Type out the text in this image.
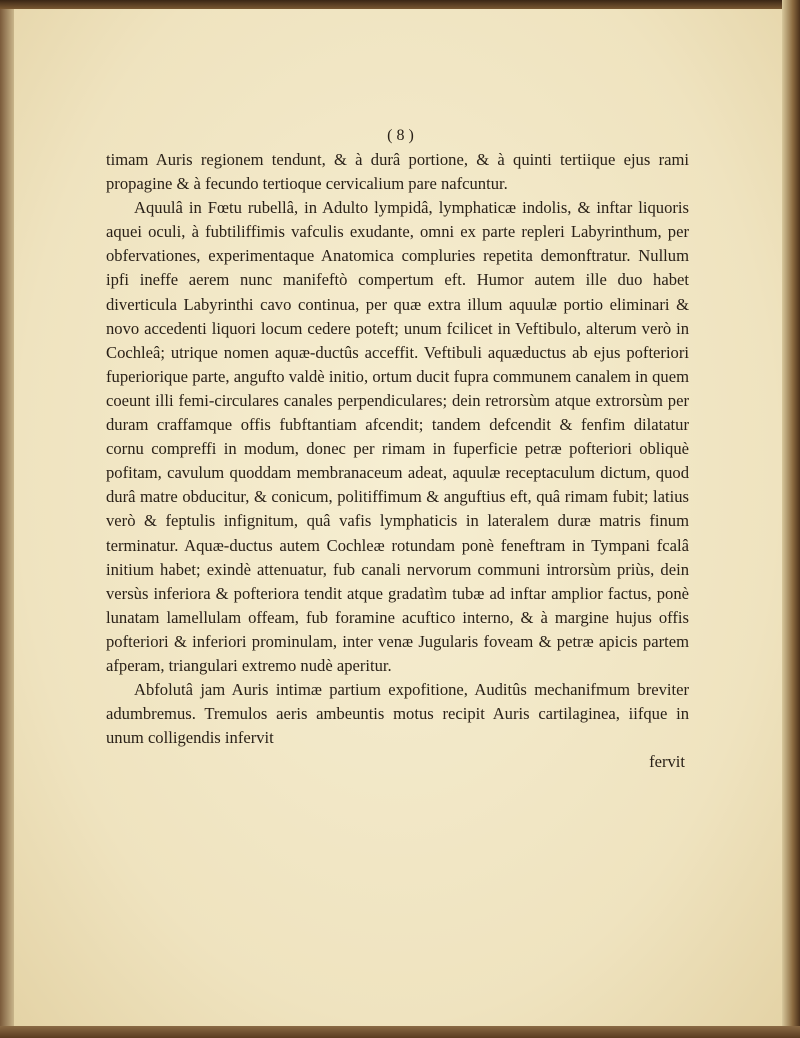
( 8 )

timam Auris regionem tendunt, & à durâ portione, & à quinti tertiique ejus rami propagine & à fecundo tertioque cervicalium pare nafcuntur.

Aquulâ in Fœtu rubellâ, in Adulto lympidâ, lymphaticæ indolis, & inftar liquoris aquei oculi, à fubtiliffimis vafculis exudante, omni ex parte repleri Labyrinthum, per obfervationes, experimentaque Anatomica compluries repetita demonftratur. Nullum ipfi ineffe aerem nunc manifeftò compertum eft. Humor autem ille duo habet diverticula Labyrinthi cavo continua, per quæ extra illum aquulæ portio eliminari & novo accedenti liquori locum cedere poteft; unum fcilicet in Veftibulo, alterum verò in Cochleâ; utrique nomen aquæ-ductûs acceffit. Veftibuli aquæductus ab ejus pofteriori fuperiorique parte, angufto valdè initio, ortum ducit fupra communem canalem in quem coeunt illi femi-circulares canales perpendiculares; dein retrorsùm atque extrorsùm per duram craffamque offis fubftantiam afcendit; tandem defcendit & fenfim dilatatur cornu compreffi in modum, donec per rimam in fuperficie petræ pofteriori obliquè pofitam, cavulum quoddam membranaceum adeat, aquulæ receptaculum dictum, quod durâ matre obducitur, & conicum, politiffimum & anguftius eft, quâ rimam fubit; latius verò & feptulis infignitum, quâ vafis lymphaticis in lateralem duræ matris finum terminatur. Aquæ-ductus autem Cochleæ rotundam ponè feneftram in Tympani fcalâ initium habet; exindè attenuatur, fub canali nervorum communi introrsùm priùs, dein versùs inferiora & pofteriora tendit atque gradatìm tubæ ad inftar amplior factus, ponè lunatam lamellulam offeam, fub foramine acuftico interno, & à margine hujus offis pofteriori & inferiori prominulam, inter venæ Jugularis foveam & petræ apicis partem afperam, triangulari extremo nudè aperitur.

Abfolutâ jam Auris intimæ partium expofitione, Auditûs mechanifmum breviter adumbremus. Tremulos aeris ambeuntis motus recipit Auris cartilaginea, iifque in unum colligendis infervit

fervit
